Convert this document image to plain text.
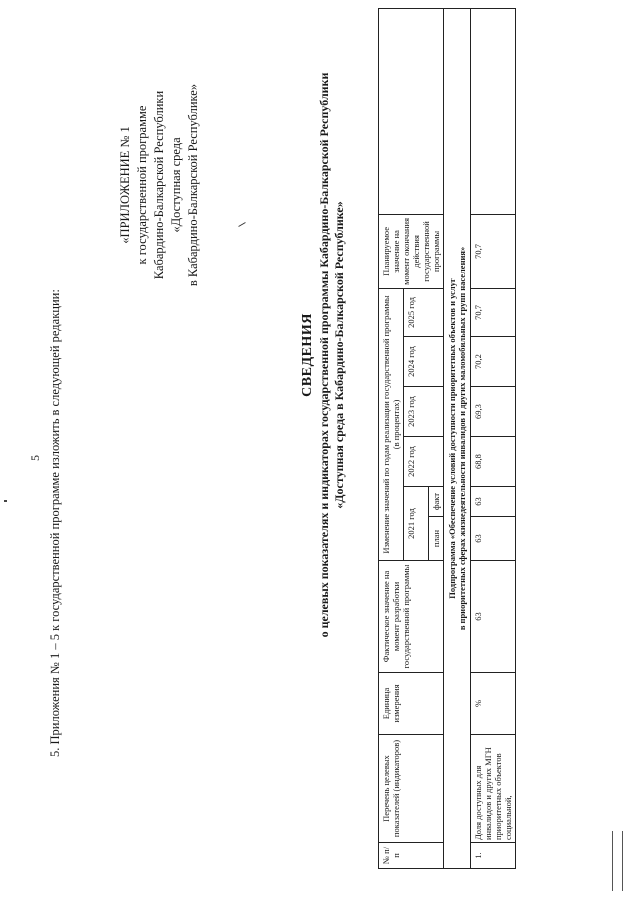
5 5. Приложения № 1 – 5 к государственной программе изложить в следующей редакции:
«ПРИЛОЖЕНИЕ № 1 к государственной программе Кабардино-Балкарской Республики «Доступная среда в Кабардино-Балкарской Республике»
СВЕДЕНИЯ о целевых показателях и индикаторах государственной программы Кабардино-Балкарской Республики «Доступная среда в Кабардино-Балкарской Республике»
№ п/п	Перечень целевых показателей (индикаторов)	Единица измерения	Фактическое значение на момент разработки государственной программы	Изменение значений по годам реализации государственной программы (в процентах)						Планируемое значение на момент окончания действия государственной программы	
				2021 год		2022 год	2023 год	2024 год	2025 год		
				план	факт						

Подпрограмма «Обеспечение условий доступности приоритетных объектов и услуг в приоритетных сферах жизнедеятельности инвалидов и других маломобильных групп населения»											

1.	Доля доступных для инвалидов и других МГН приоритетных объектов социальной,	%	63	63	63	68,8	69,3	70,2	70,7	70,7	
